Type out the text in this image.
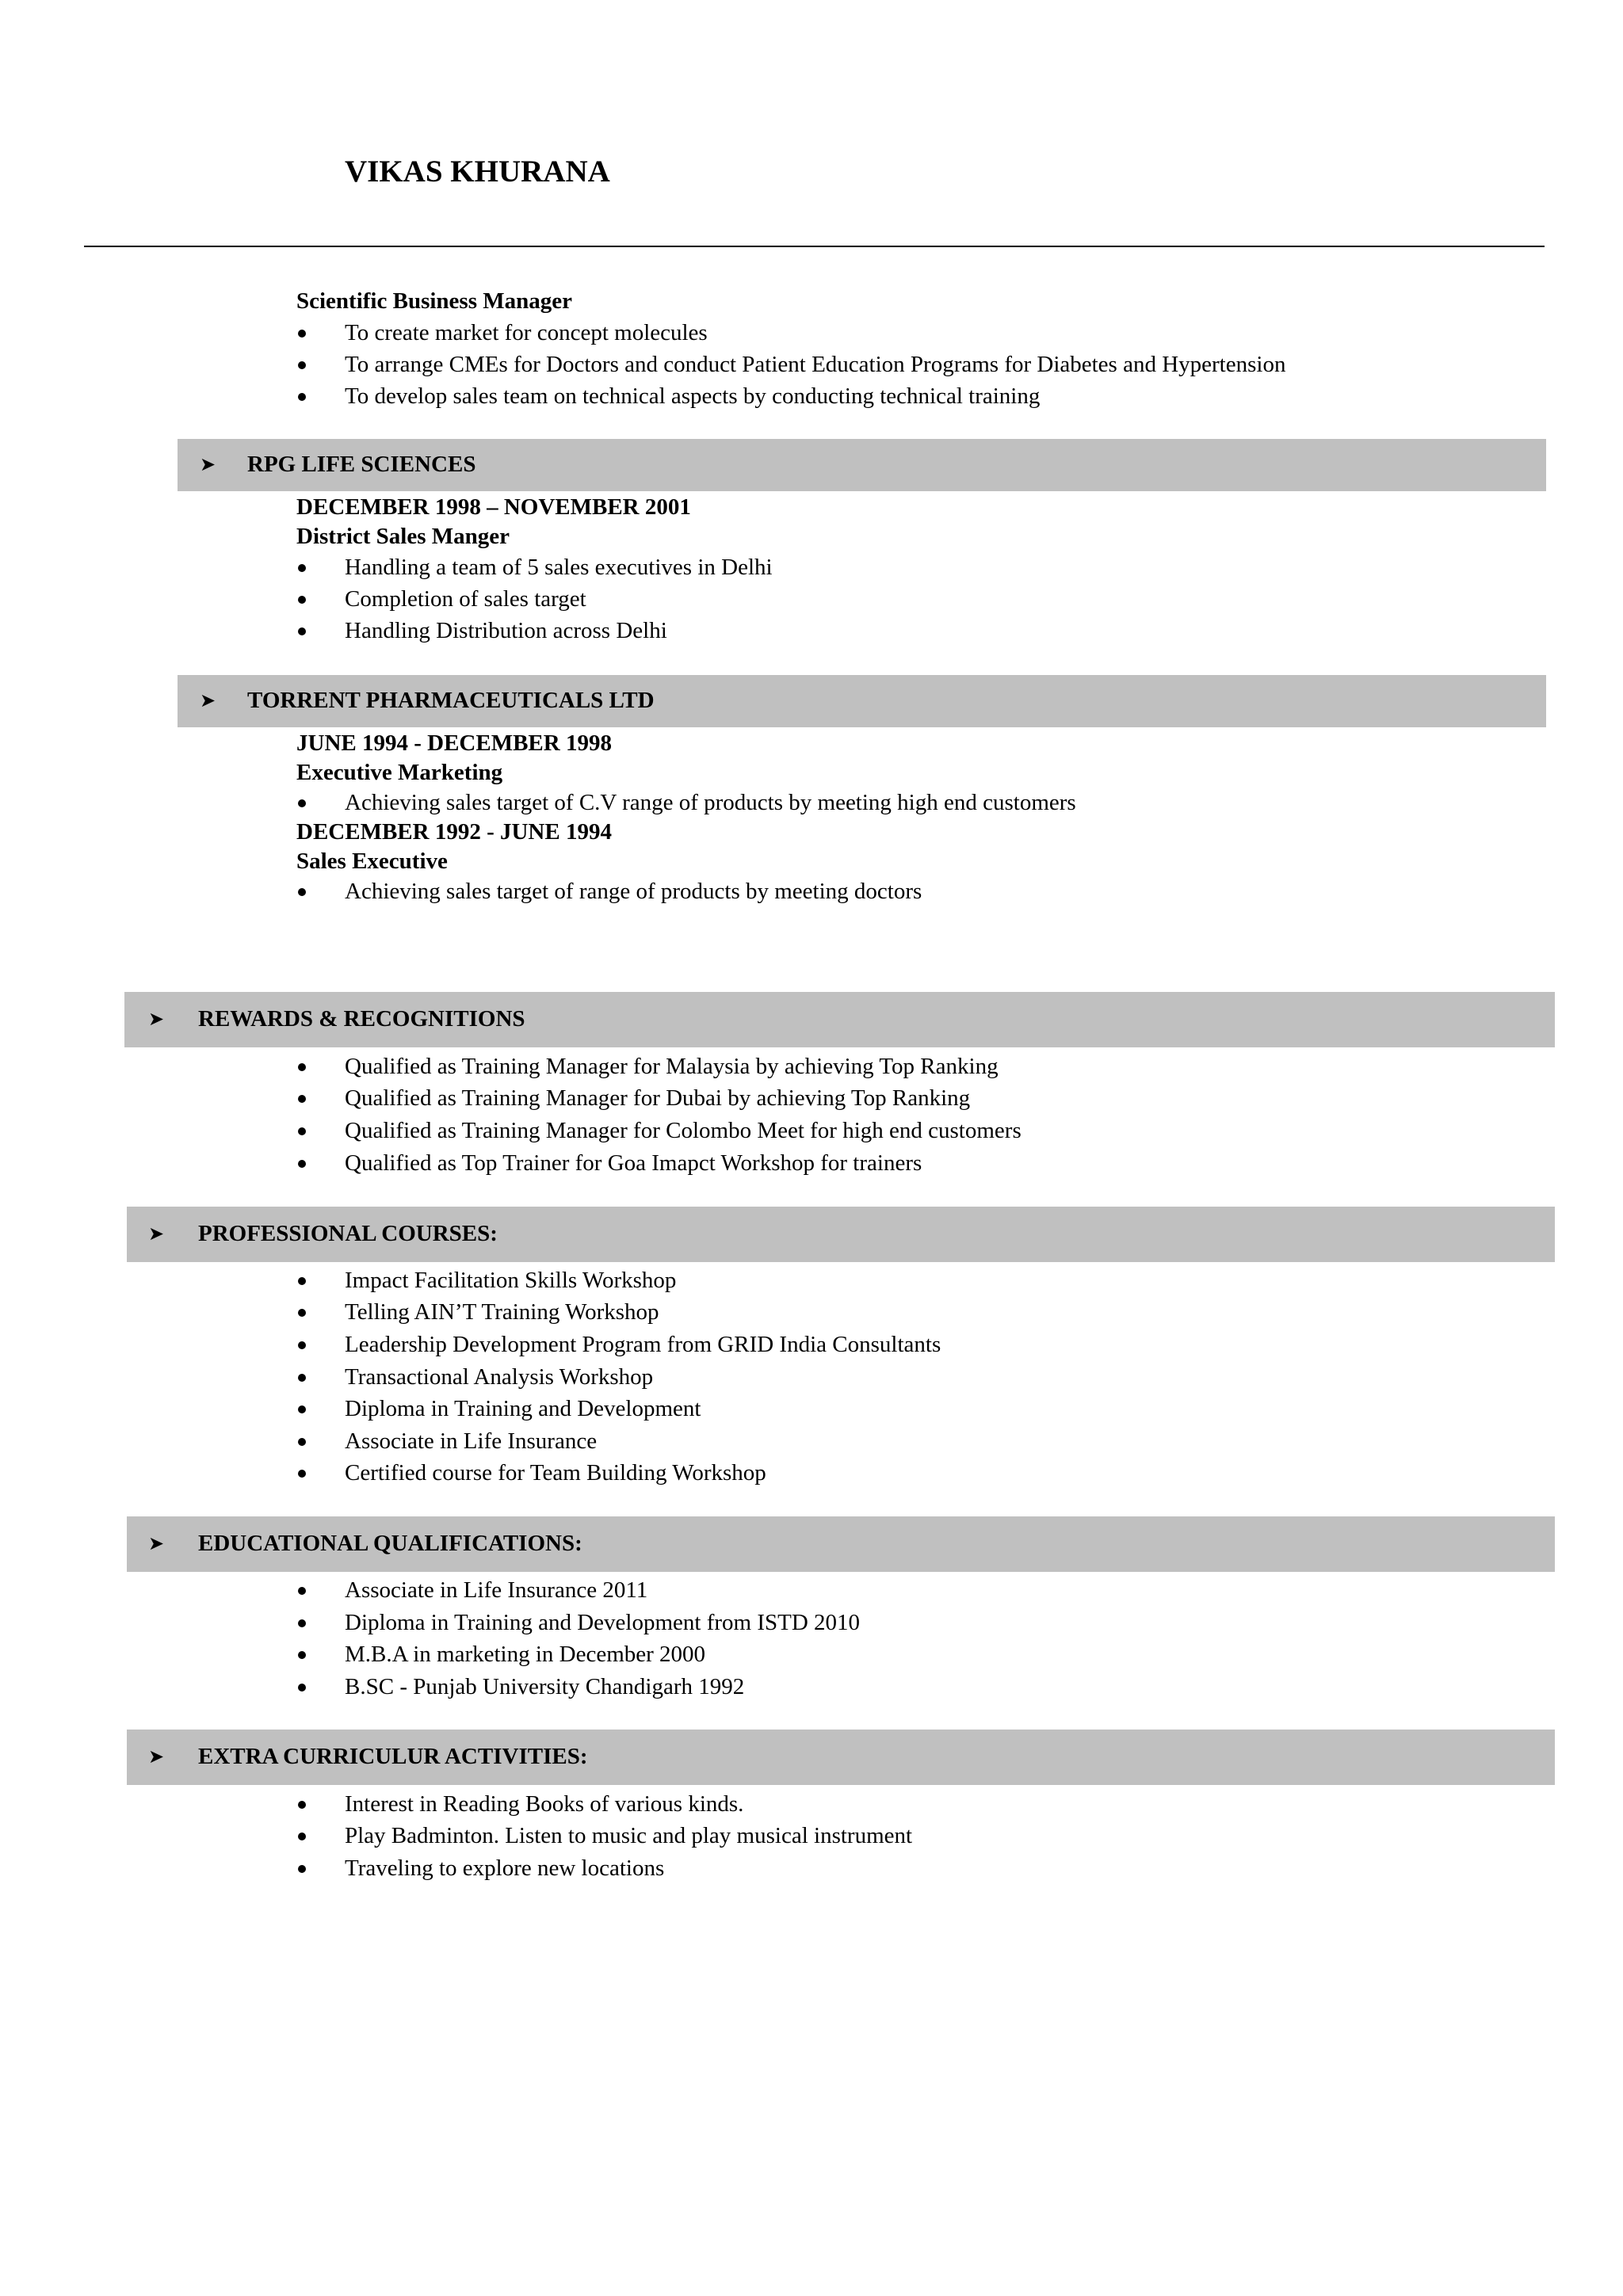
VIKAS KHURANA
Scientific Business Manager
To create market for concept molecules
To arrange CMEs for Doctors and conduct Patient Education Programs for Diabetes and Hypertension
To develop sales team on technical aspects by conducting technical training
➤ RPG LIFE SCIENCES
DECEMBER 1998 – NOVEMBER 2001
District Sales Manger
Handling a team of 5 sales executives in Delhi
Completion of sales target
Handling Distribution across Delhi
➤ TORRENT PHARMACEUTICALS LTD
JUNE 1994 - DECEMBER 1998
Executive Marketing
Achieving sales target of C.V range of products by meeting high end customers
DECEMBER 1992 - JUNE 1994
Sales Executive
Achieving sales target of range of products by meeting doctors
➤ REWARDS & RECOGNITIONS
Qualified as Training Manager for Malaysia by achieving Top Ranking
Qualified as Training Manager for Dubai by achieving Top Ranking
Qualified as Training Manager for Colombo Meet for high end customers
Qualified as Top Trainer for Goa Imapct Workshop for trainers
➤ PROFESSIONAL COURSES:
Impact Facilitation Skills Workshop
Telling AIN’T Training Workshop
Leadership Development Program from GRID India Consultants
Transactional Analysis Workshop
Diploma in Training and Development
Associate in Life Insurance
Certified course for Team Building Workshop
➤ EDUCATIONAL QUALIFICATIONS:
Associate in Life Insurance 2011
Diploma in Training and Development from ISTD 2010
M.B.A in marketing in December 2000
B.SC - Punjab University Chandigarh 1992
➤ EXTRA CURRICULUR ACTIVITIES:
Interest in Reading Books of various kinds.
Play Badminton. Listen to music and play musical instrument
Traveling to explore new locations
